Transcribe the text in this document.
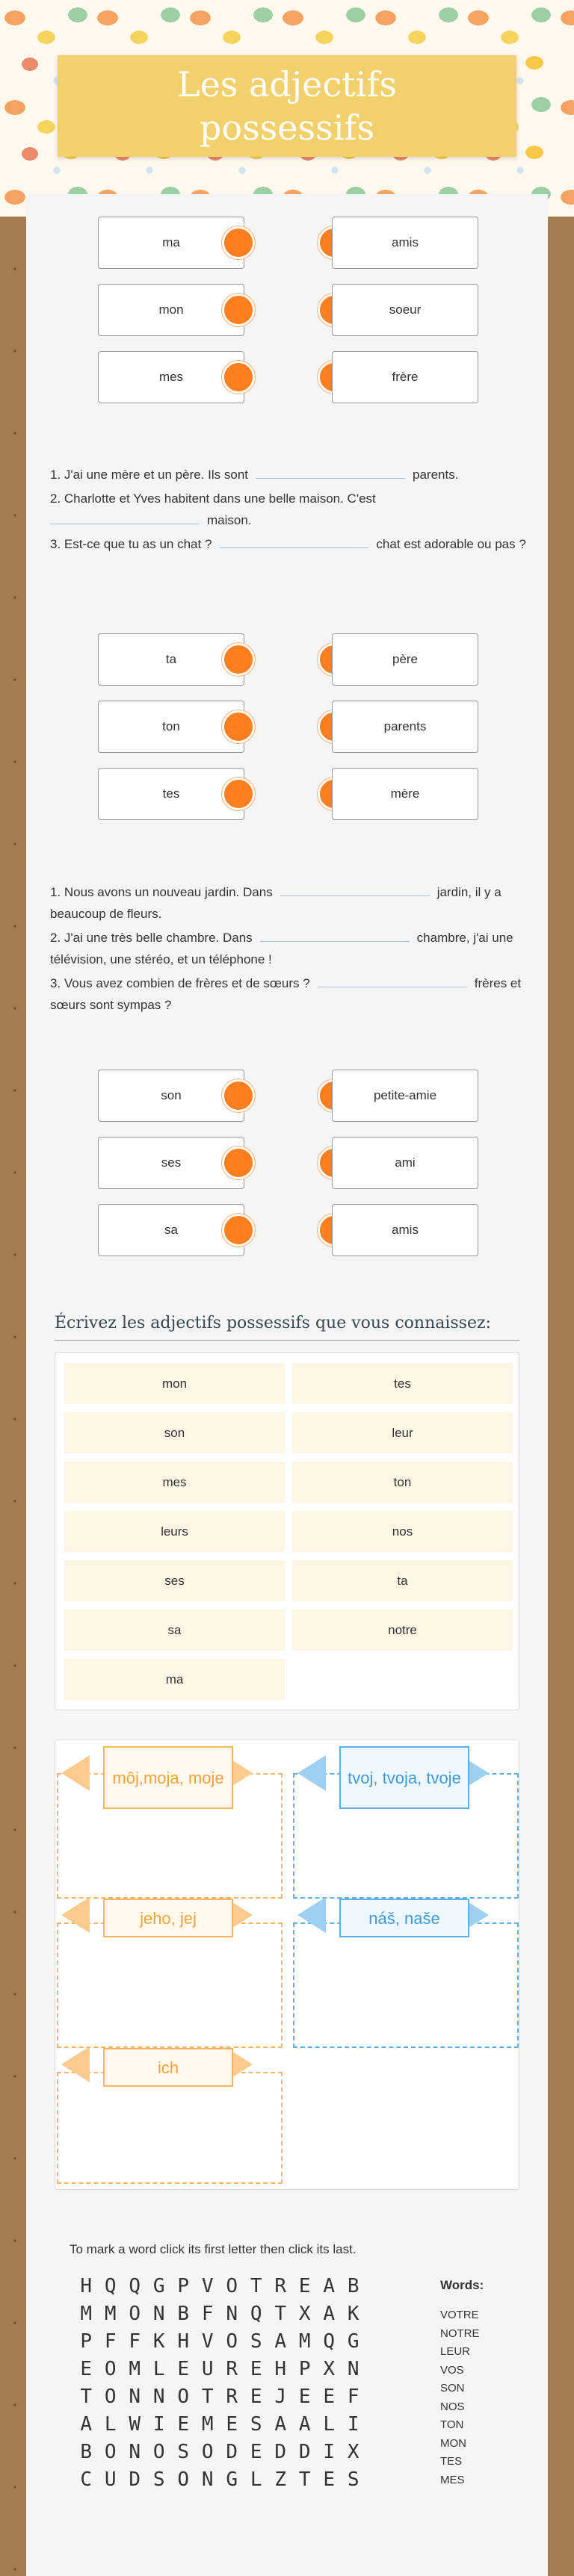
Les adjectifs possessifs
ma	amis
mon	soeur
mes	frère

1. J'ai une mère et un père. Ils sont	parents.

2. Charlotte et Yves habitent dans une belle maison. C'est
maison.

3. Est-ce que tu as un chat ?	chat est adorable ou pas ?

ta	père
ton	parents
tes	mère

1. Nous avons un nouveau jardin. Dans	jardin, il y a beaucoup de fleurs.

2. J'ai une très belle chambre. Dans	chambre, j'ai une télévision, une stéréo, et un téléphone !

3. Vous avez combien de frères et de sœurs ?	frères et sœurs sont sympas ?

son	petite-amie
ses	ami
sa	amis
Écrivez les adjectifs possessifs que vous connaissez:
mon	tes
son	leur
mes	ton
leurs	nos
ses	ta
sa	notre
ma
môj,moja, moje	tvoj, tvoja, tvoje
jeho, jej	náš, naše
ich
To mark a word click its first letter then click its last.
H Q Q G P V O T R E A B
M M O N B F N Q T X A K
P F F K H V O S A M Q G
E O M L E U R E H P X N
T O N N O T R E J E E F
A L W I E M E S A A L I
B O N O S O D E D D I X
C U D S O N G L Z T E S
Words:
VOTRE
NOTRE
LEUR
VOS
SON
NOS
TON
MON
TES
MES
